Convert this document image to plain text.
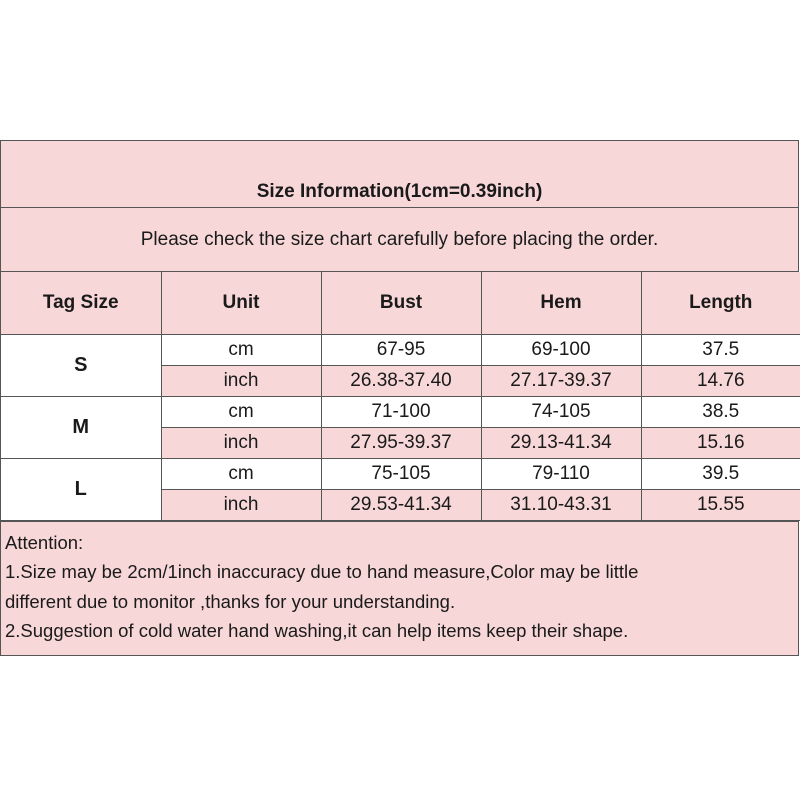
Size Information(1cm=0.39inch)
Please check the size chart carefully before placing the order.
Tag Size	Unit	Bust	Hem	Length
S	cm	67-95	69-100	37.5
	inch	26.38-37.40	27.17-39.37	14.76
M	cm	71-100	74-105	38.5
	inch	27.95-39.37	29.13-41.34	15.16
L	cm	75-105	79-110	39.5
	inch	29.53-41.34	31.10-43.31	15.55
Attention:
1.Size may be 2cm/1inch inaccuracy due to hand measure,Color may be little
different due to monitor ,thanks for your understanding.
2.Suggestion of cold water hand washing,it can help items keep their shape.
